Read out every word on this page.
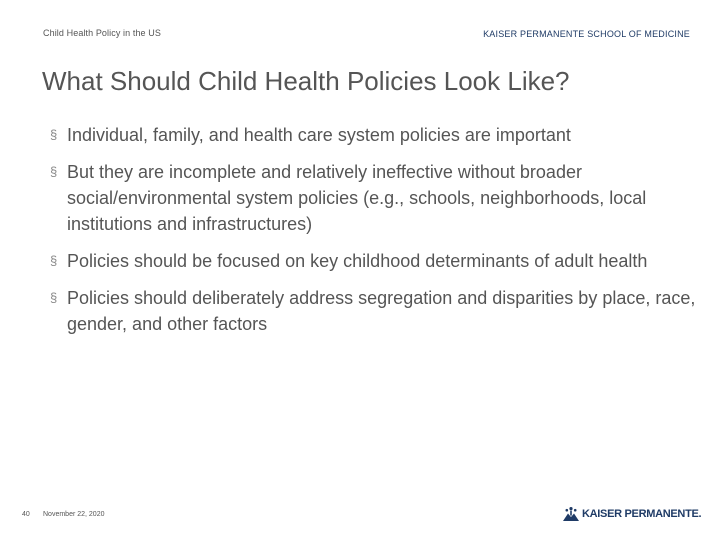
Child Health Policy in the US	KAISER PERMANENTE SCHOOL OF MEDICINE
What Should Child Health Policies Look Like?
§ Individual, family, and health care system policies are important
§ But they are incomplete and relatively ineffective without broader social/environmental system policies (e.g., schools, neighborhoods, local institutions and infrastructures)
§ Policies should be focused on key childhood determinants of adult health
§ Policies should deliberately address segregation and disparities by place, race, gender, and other factors
40 November 22, 2020	KAISER PERMANENTE.
